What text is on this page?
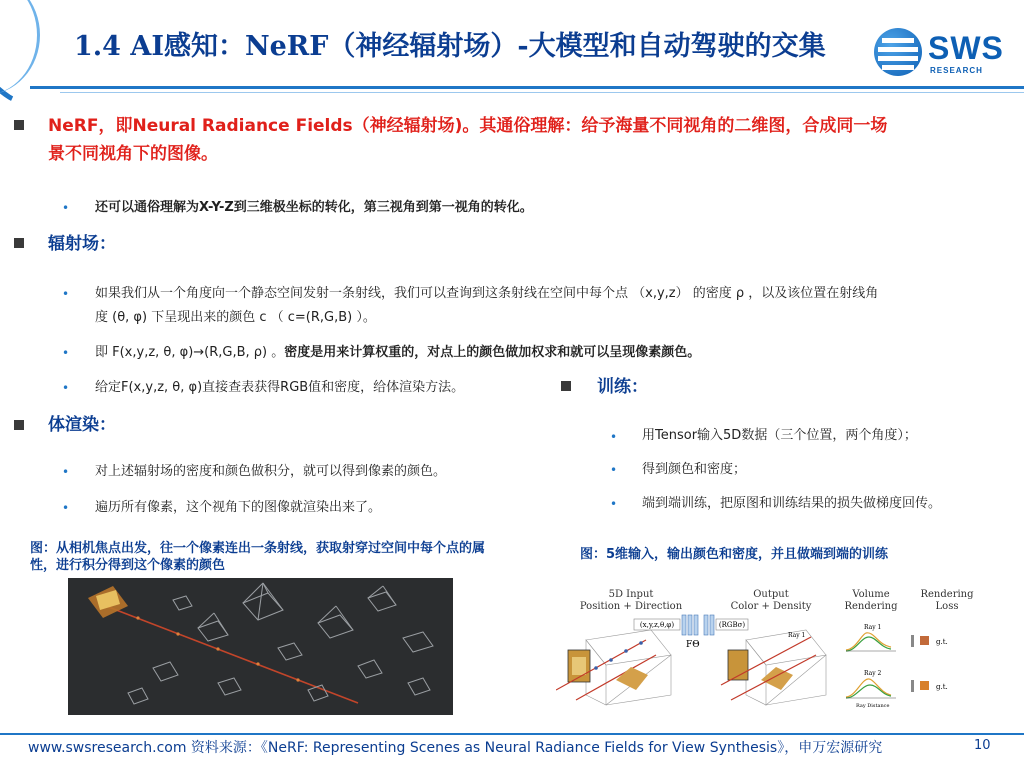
1.4 AI感知：NeRF（神经辐射场）-大模型和自动驾驶的交集	SWS
RESEARCH
NeRF，即Neural Radiance Fields（神经辐射场)。其通俗理解：给予海量不同视角的二维图，合成同一场
景不同视角下的图像。
• 还可以通俗理解为X-Y-Z到三维极坐标的转化，第三视角到第一视角的转化。
辐射场：
• 如果我们从一个角度向一个静态空间发射一条射线，我们可以查询到这条射线在空间中每个点 （x,y,z） 的密度 ρ ，以及该位置在射线角
度 (θ, φ) 下呈现出来的颜色 c （ c=(R,G,B) ）。
• 即 F(x,y,z, θ, φ)→(R,G,B, ρ) 。密度是用来计算权重的，对点上的颜色做加权求和就可以呈现像素颜色。
• 给定F(x,y,z, θ, φ)直接查表获得RGB值和密度，给体渲染方法。
体渲染：
• 对上述辐射场的密度和颜色做积分，就可以得到像素的颜色。
• 遍历所有像素，这个视角下的图像就渲染出来了。
训练：
• 用Tensor输入5D数据（三个位置，两个角度）；
• 得到颜色和密度；
• 端到端训练，把原图和训练结果的损失做梯度回传。
图：从相机焦点出发，往一个像素连出一条射线，获取射穿过空间中每个点的属
性，进行积分得到这个像素的颜色
图：5维输入，输出颜色和密度，并且做端到端的训练
5D Input
Position + Direction
Output
Color + Density
Volume
Rendering
Rendering
Loss
(x,y,z,θ,φ)
FΘ
(RGBσ)
Ray 1
Ray 1
Ray 2
Ray Distance
g.t.
g.t.
www.swsresearch.com 资料来源：《NeRF: Representing Scenes as Neural Radiance Fields for View Synthesis》，申万宏源研究	10
